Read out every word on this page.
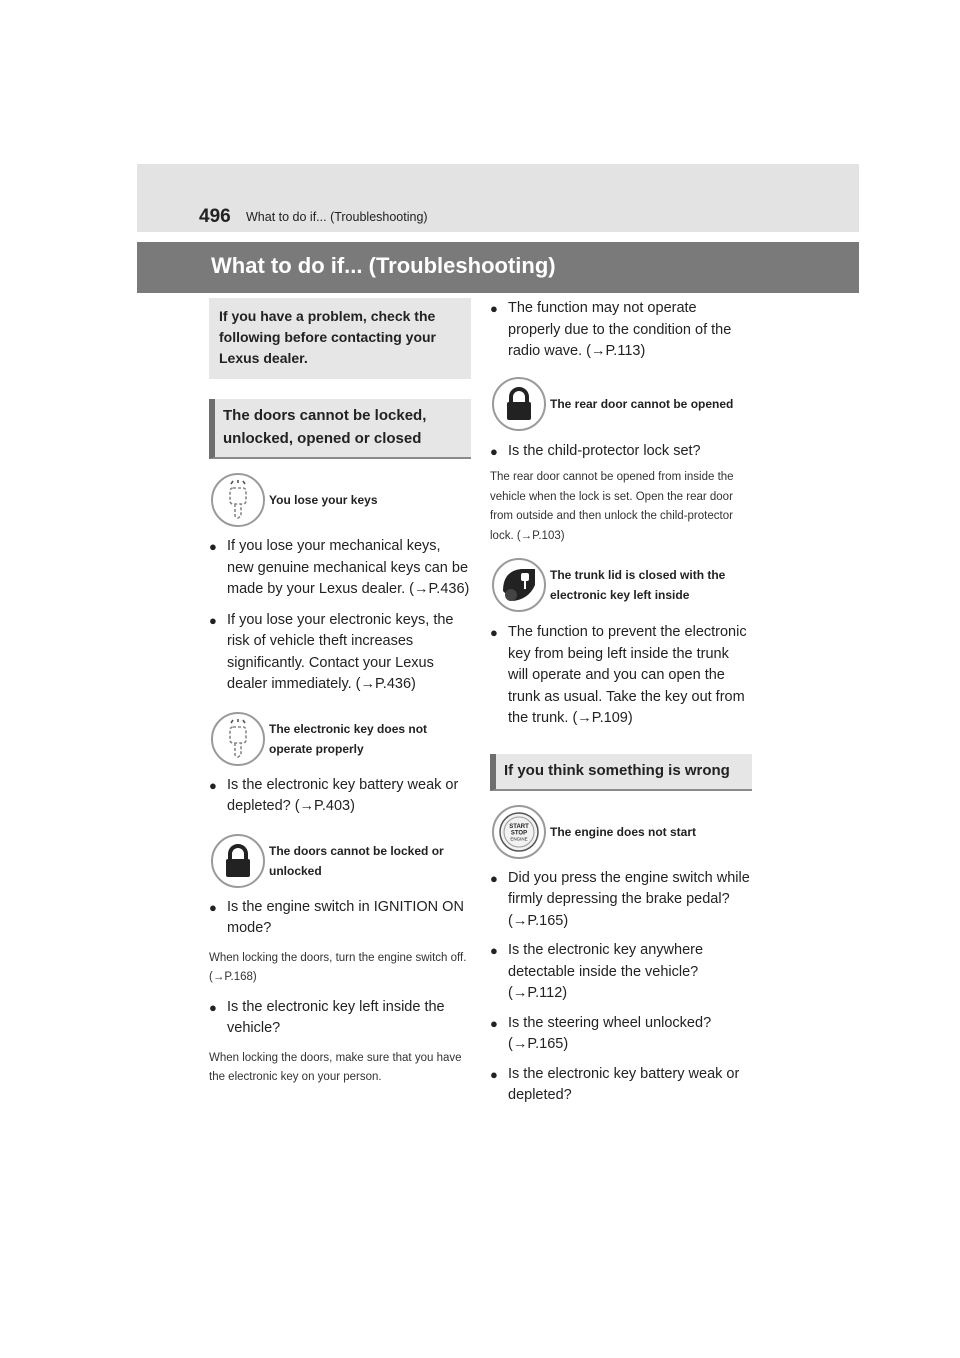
496 What to do if... (Troubleshooting)
What to do if... (Troubleshooting)
If you have a problem, check the following before contacting your Lexus dealer.
The doors cannot be locked, unlocked, opened or closed
You lose your keys
● If you lose your mechanical keys, new genuine mechanical keys can be made by your Lexus dealer. (→P.436)
● If you lose your electronic keys, the risk of vehicle theft increases significantly. Contact your Lexus dealer immediately. (→P.436)
The electronic key does not operate properly
● Is the electronic key battery weak or depleted? (→P.403)
The doors cannot be locked or unlocked
● Is the engine switch in IGNITION ON mode?
When locking the doors, turn the engine switch off. (→P.168)
● Is the electronic key left inside the vehicle?
When locking the doors, make sure that you have the electronic key on your person.
● The function may not operate properly due to the condition of the radio wave. (→P.113)
The rear door cannot be opened
● Is the child-protector lock set?
The rear door cannot be opened from inside the vehicle when the lock is set. Open the rear door from outside and then unlock the child-protector lock. (→P.103)
The trunk lid is closed with the electronic key left inside
● The function to prevent the electronic key from being left inside the trunk will operate and you can open the trunk as usual. Take the key out from the trunk. (→P.109)
If you think something is wrong
START
STOP
ENGINE The engine does not start
● Did you press the engine switch while firmly depressing the brake pedal? (→P.165)
● Is the electronic key anywhere detectable inside the vehicle? (→P.112)
● Is the steering wheel unlocked? (→P.165)
● Is the electronic key battery weak or depleted?
